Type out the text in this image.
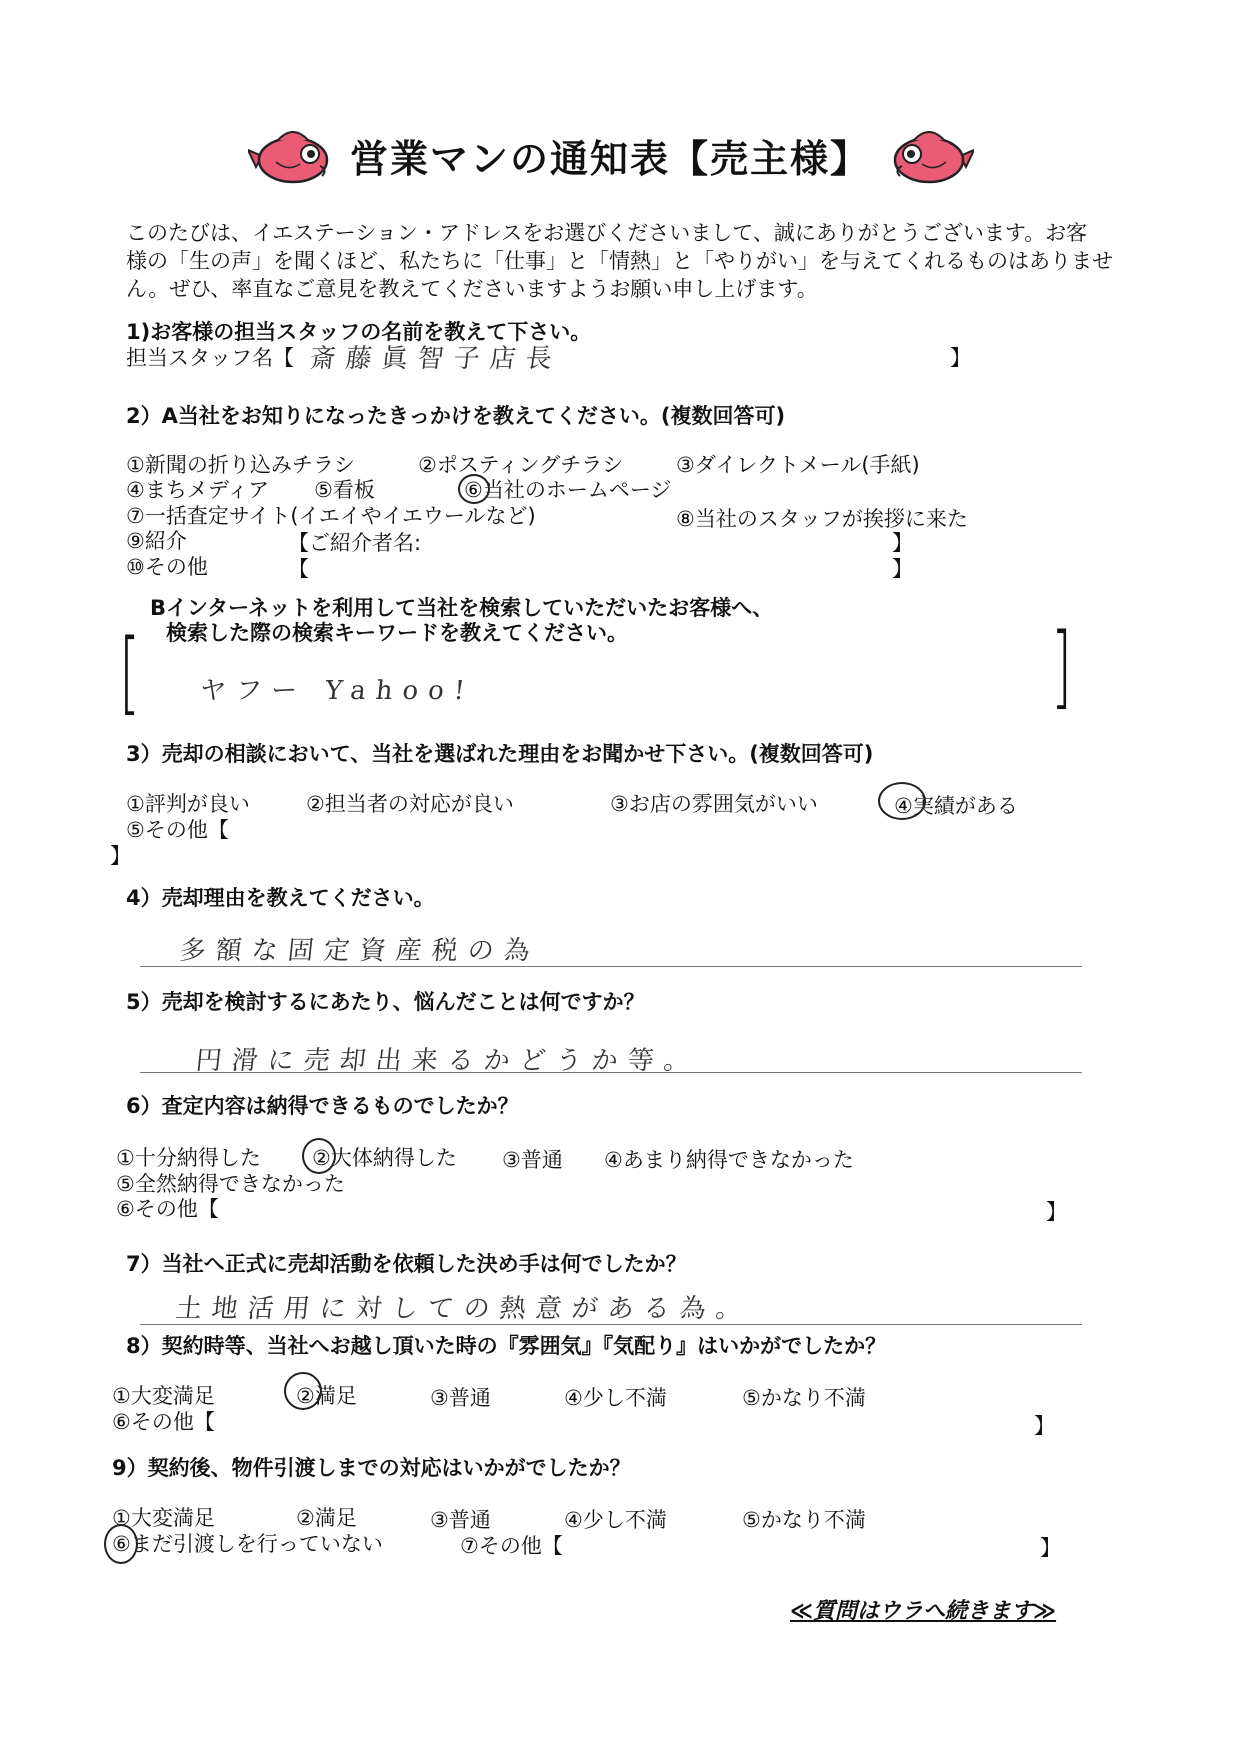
営業マンの通知表【売主様】
このたびは、イエステーション・アドレスをお選びくださいまして、誠にありがとうございます。お客
様の「生の声」を聞くほど、私たちに「仕事」と「情熱」と「やりがい」を与えてくれるものはありませ
ん。ぜひ、率直なご意見を教えてくださいますようお願い申し上げます。
1)お客様の担当スタッフの名前を教えて下さい。
担当スタッフ名【 斎藤眞智子店長	】
2）A当社をお知りになったきっかけを教えてください。(複数回答可)
①新聞の折り込みチラシ	②ポスティングチラシ	③ダイレクトメール(手紙)
④まちメディア ⑤看板	⑥当社のホームページ
⑦一括査定サイト(イエイやイエウールなど)	⑧当社のスタッフが挨拶に来た
⑨紹介	【ご紹介者名:	】
⑩その他	【	】
Bインターネットを利用して当社を検索していただいたお客様へ、
検索した際の検索キーワードを教えてください。
[	]
ヤフー Yahoo!
3）売却の相談において、当社を選ばれた理由をお聞かせ下さい。(複数回答可)
①評判が良い	②担当者の対応が良い	③お店の雰囲気がいい	④実績がある
⑤その他【
】
4）売却理由を教えてください。
多額な固定資産税の為
5）売却を検討するにあたり、悩んだことは何ですか？
円滑に売却出来るかどうか等。
6）査定内容は納得できるものでしたか？
①十分納得した ②大体納得した ③普通 ④あまり納得できなかった
⑤全然納得できなかった
⑥その他【	】
7）当社へ正式に売却活動を依頼した決め手は何でしたか？
土地活用に対しての熱意がある為。
8）契約時等、当社へお越し頂いた時の『雰囲気』『気配り』はいかがでしたか？
①大変満足	②満足	③普通	④少し不満	⑤かなり不満
⑥その他【	】
9）契約後、物件引渡しまでの対応はいかがでしたか？
①大変満足	②満足	③普通	④少し不満	⑤かなり不満
⑥まだ引渡しを行っていない	⑦その他【	】
≪質問はウラへ続きます≫
